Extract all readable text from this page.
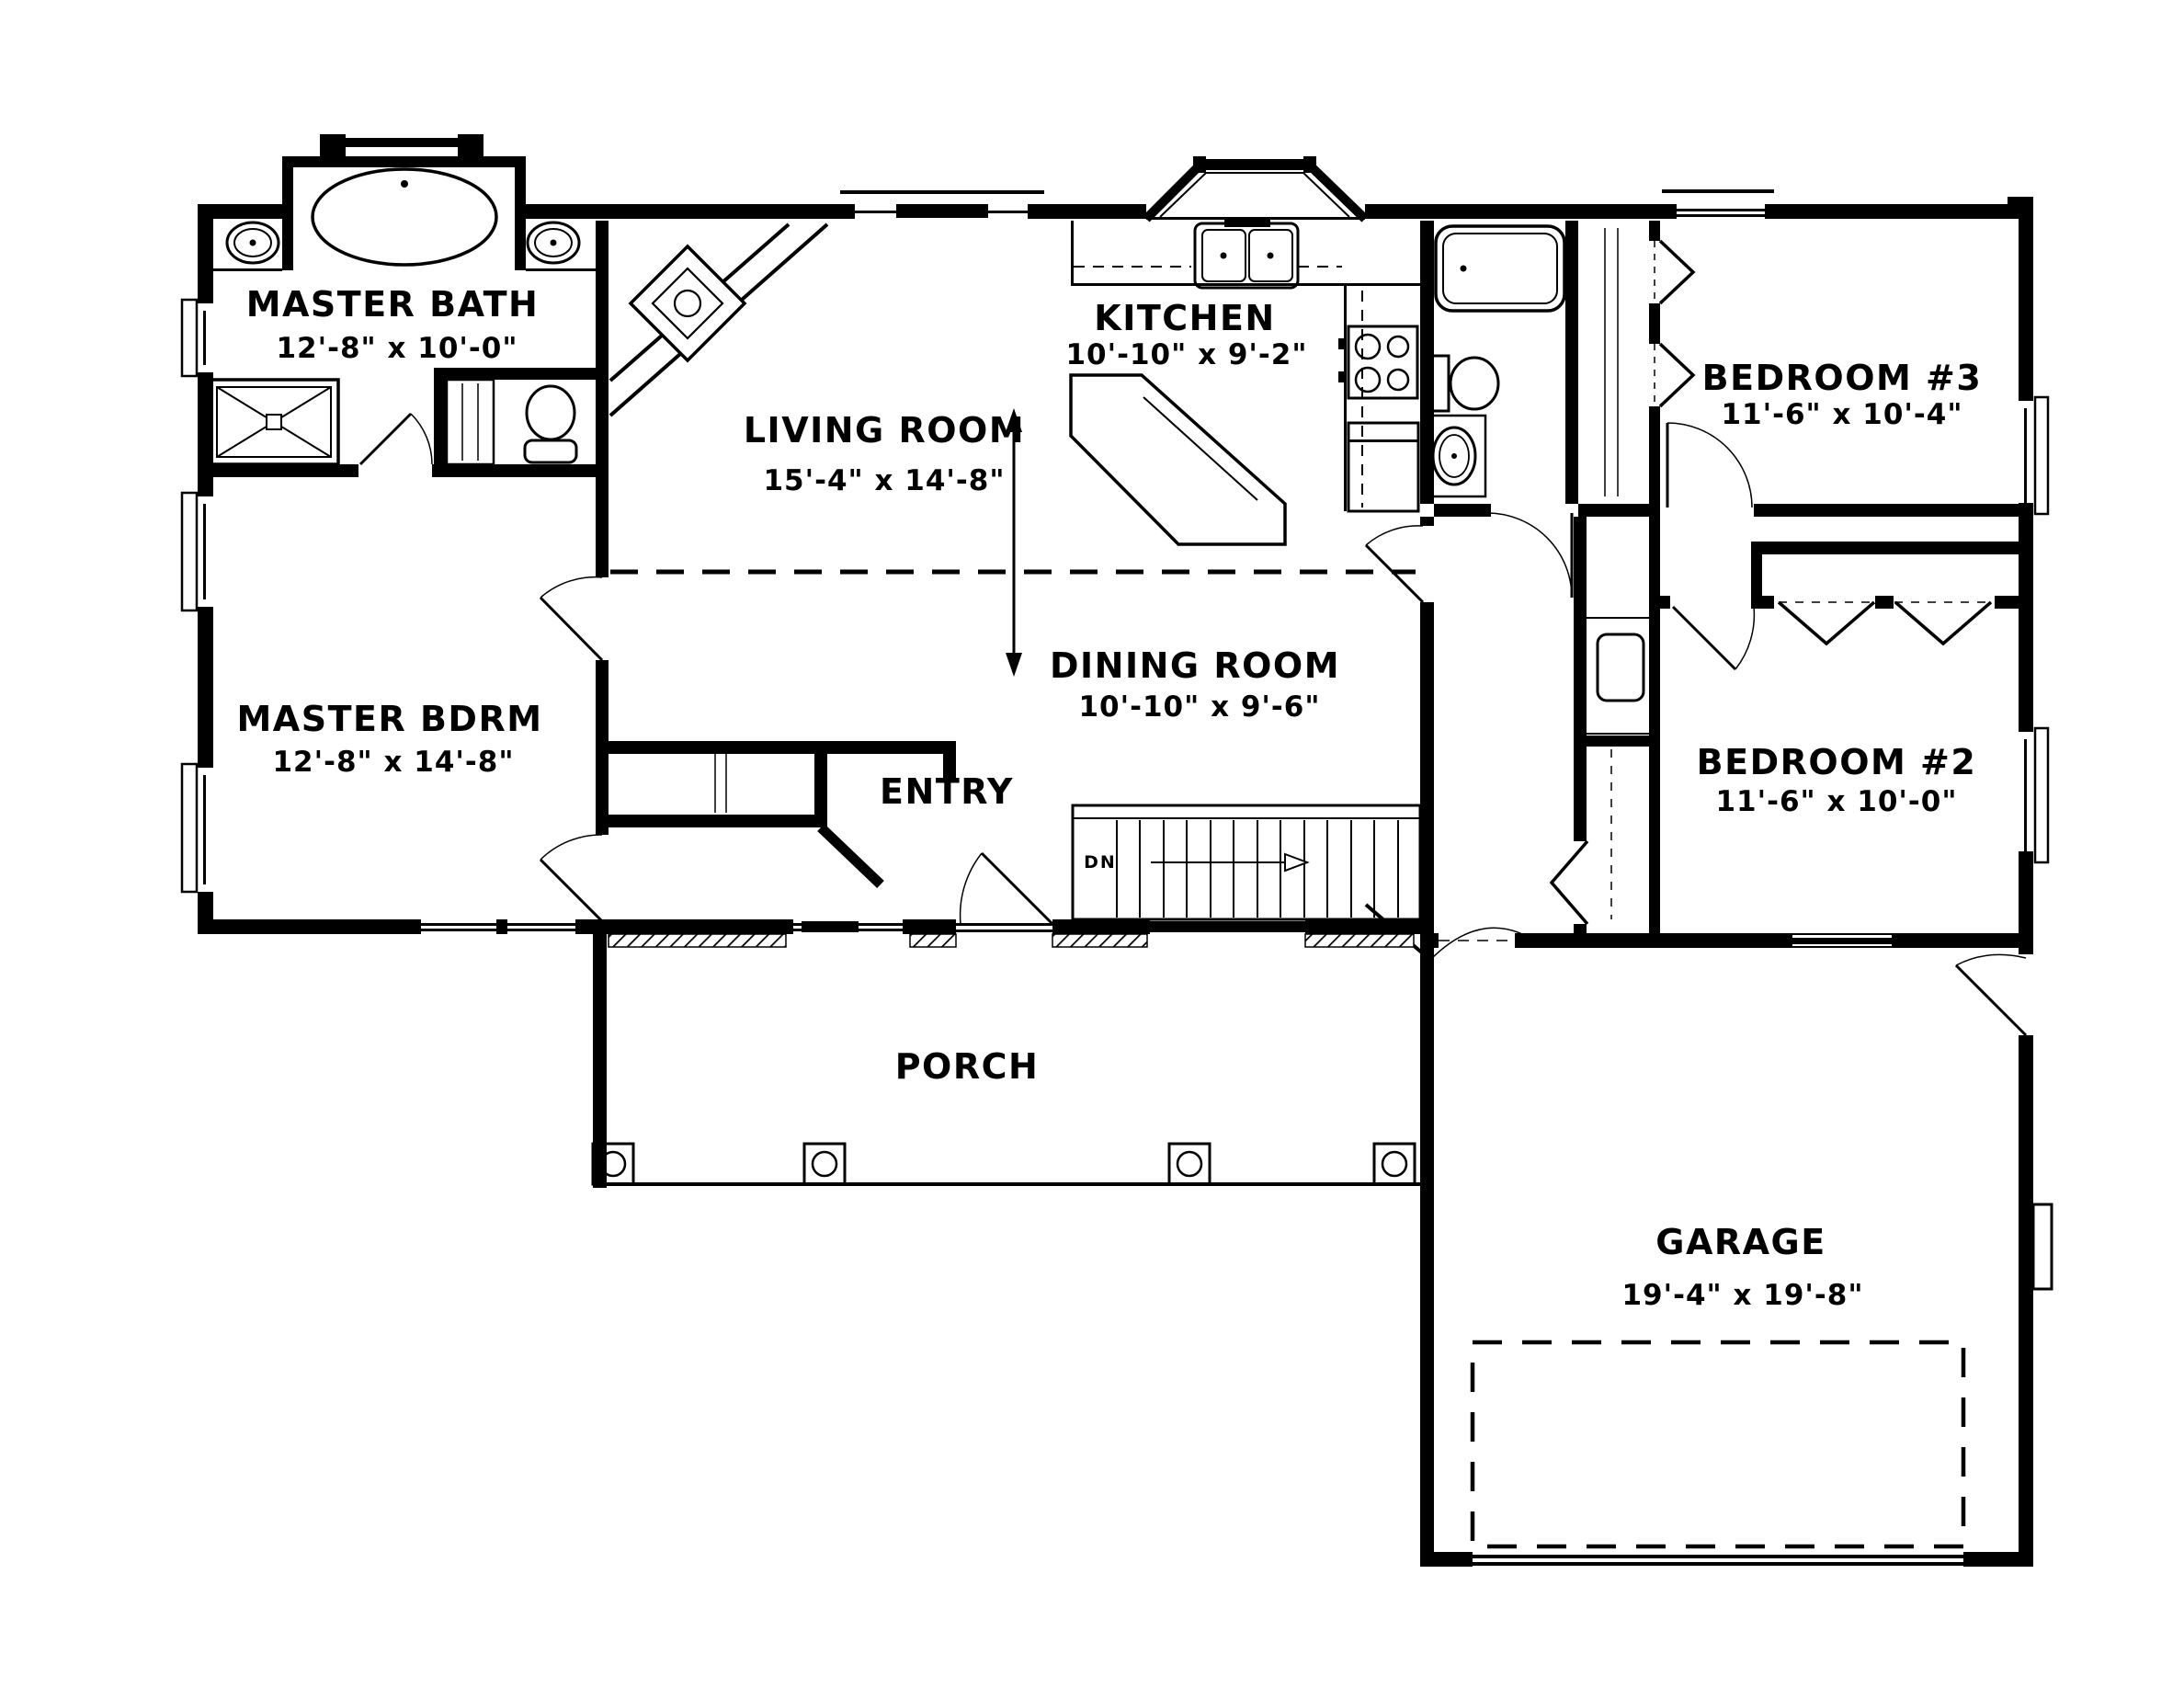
MASTER BATH
12'-8" x 10'-0"
LIVING ROOM
15'-4" x 14'-8"
KITCHEN
10'-10" x 9'-2"
BEDROOM #3
11'-6" x 10'-4"
MASTER BDRM
12'-8" x 14'-8"
DINING ROOM
10'-10" x 9'-6"
ENTRY
BEDROOM #2
11'-6" x 10'-0"
PORCH
GARAGE
19'-4" x 19'-8"
DN
